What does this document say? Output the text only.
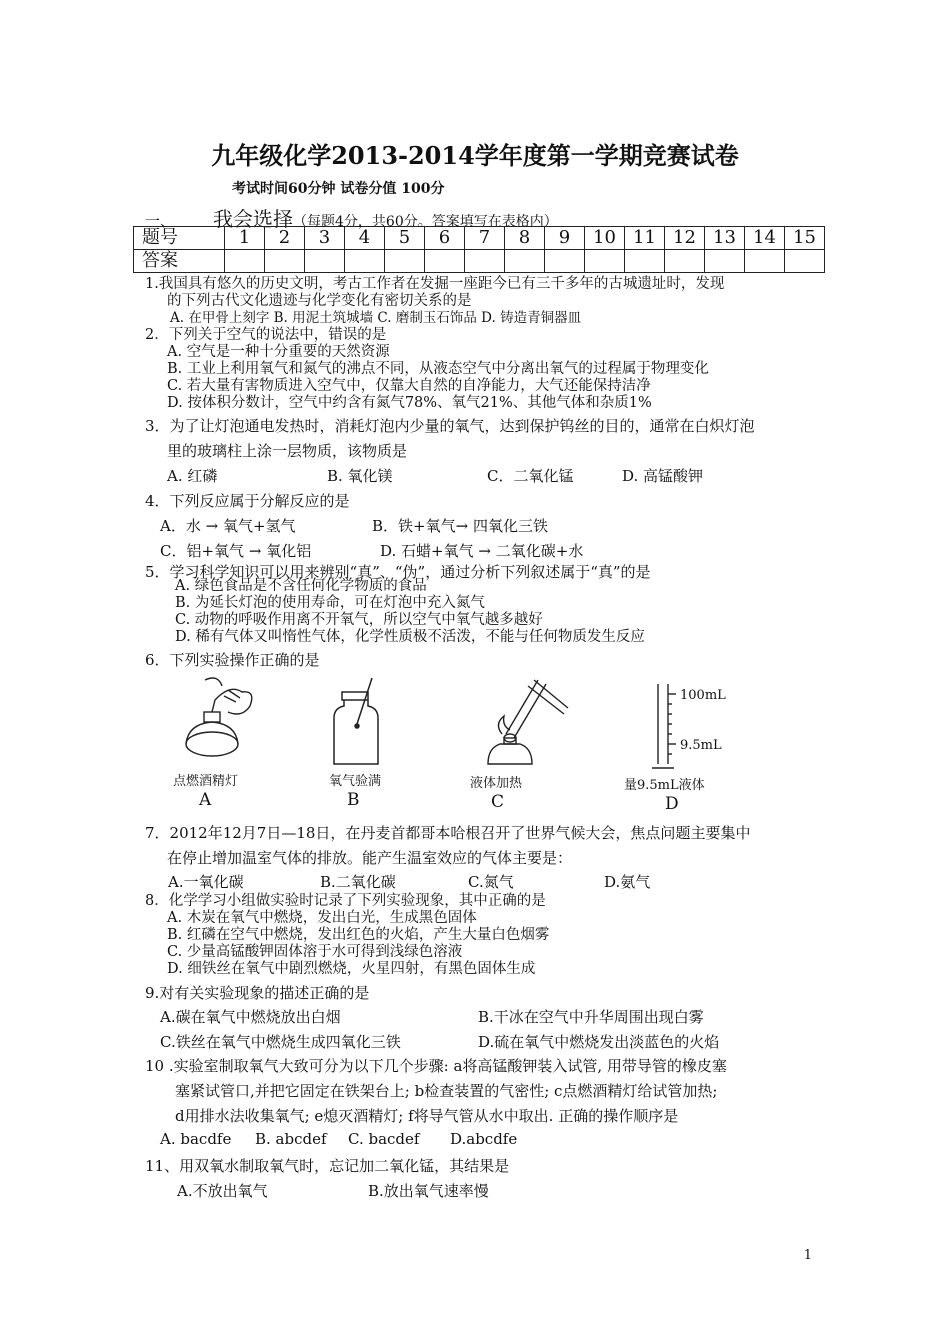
九年级化学2013-2014学年度第一学期竞赛试卷
考试时间60分钟 试卷分值 100分
一、 我会选择（每题4分，共60分。答案填写在表格内）
题号	1	2	3	4	5	6	7	8	9	10	11	12	13	14	15
答案															
1.我国具有悠久的历史文明，考古工作者在发掘一座距今已有三千多年的古城遗址时，发现
的下列古代文化遗迹与化学变化有密切关系的是
A. 在甲骨上刻字 B. 用泥土筑城墙 C. 磨制玉石饰品 D. 铸造青铜器皿
2．下列关于空气的说法中，错误的是
A. 空气是一种十分重要的天然资源
B. 工业上利用氧气和氮气的沸点不同，从液态空气中分离出氧气的过程属于物理变化
C. 若大量有害物质进入空气中，仅靠大自然的自净能力，大气还能保持洁净
D. 按体积分数计，空气中约含有氮气78%、氧气21%、其他气体和杂质1%
3．为了让灯泡通电发热时，消耗灯泡内少量的氧气，达到保护钨丝的目的，通常在白炽灯泡
里的玻璃柱上涂一层物质，该物质是
A. 红磷	B. 氧化镁	C．二氧化锰	D. 高锰酸钾
4．下列反应属于分解反应的是
A．水 → 氧气+氢气	B．铁+氧气→ 四氧化三铁
C．铝+氧气 → 氧化铝	D. 石蜡+氧气 → 二氧化碳+水
5．学习科学知识可以用来辨别“真”、“伪”，通过分析下列叙述属于“真”的是
A. 绿色食品是不含任何化学物质的食品
B. 为延长灯泡的使用寿命，可在灯泡中充入氮气
C. 动物的呼吸作用离不开氧气，所以空气中氧气越多越好
D. 稀有气体又叫惰性气体，化学性质极不活泼，不能与任何物质发生反应
6．下列实验操作正确的是
点燃酒精灯
A
氧气验满
B
液体加热
C
100mL
9.5mL
量9.5mL液体
D
7．2012年12月7日—18日，在丹麦首都哥本哈根召开了世界气候大会，焦点问题主要集中
在停止增加温室气体的排放。能产生温室效应的气体主要是：
A.一氧化碳	B.二氧化碳	C.氮气	D.氨气
8．化学学习小组做实验时记录了下列实验现象，其中正确的是
A. 木炭在氧气中燃烧，发出白光，生成黑色固体
B. 红磷在空气中燃烧，发出红色的火焰，产生大量白色烟雾
C. 少量高锰酸钾固体溶于水可得到浅绿色溶液
D. 细铁丝在氧气中剧烈燃烧，火星四射，有黑色固体生成
9.对有关实验现象的描述正确的是
A.碳在氧气中燃烧放出白烟	B.干冰在空气中升华周围出现白雾
C.铁丝在氧气中燃烧生成四氧化三铁	D.硫在氧气中燃烧发出淡蓝色的火焰
10 .实验室制取氧气大致可分为以下几个步骤: a将高锰酸钾装入试管, 用带导管的橡皮塞
塞紧试管口,并把它固定在铁架台上; b检查装置的气密性; c点燃酒精灯给试管加热;
d用排水法收集氧气; e熄灭酒精灯; f将导气管从水中取出. 正确的操作顺序是
A. bacdfe B. abcdef C. bacdef D.abcdfe
11、用双氧水制取氧气时，忘记加二氧化锰，其结果是
A.不放出氧气	B.放出氧气速率慢
1
